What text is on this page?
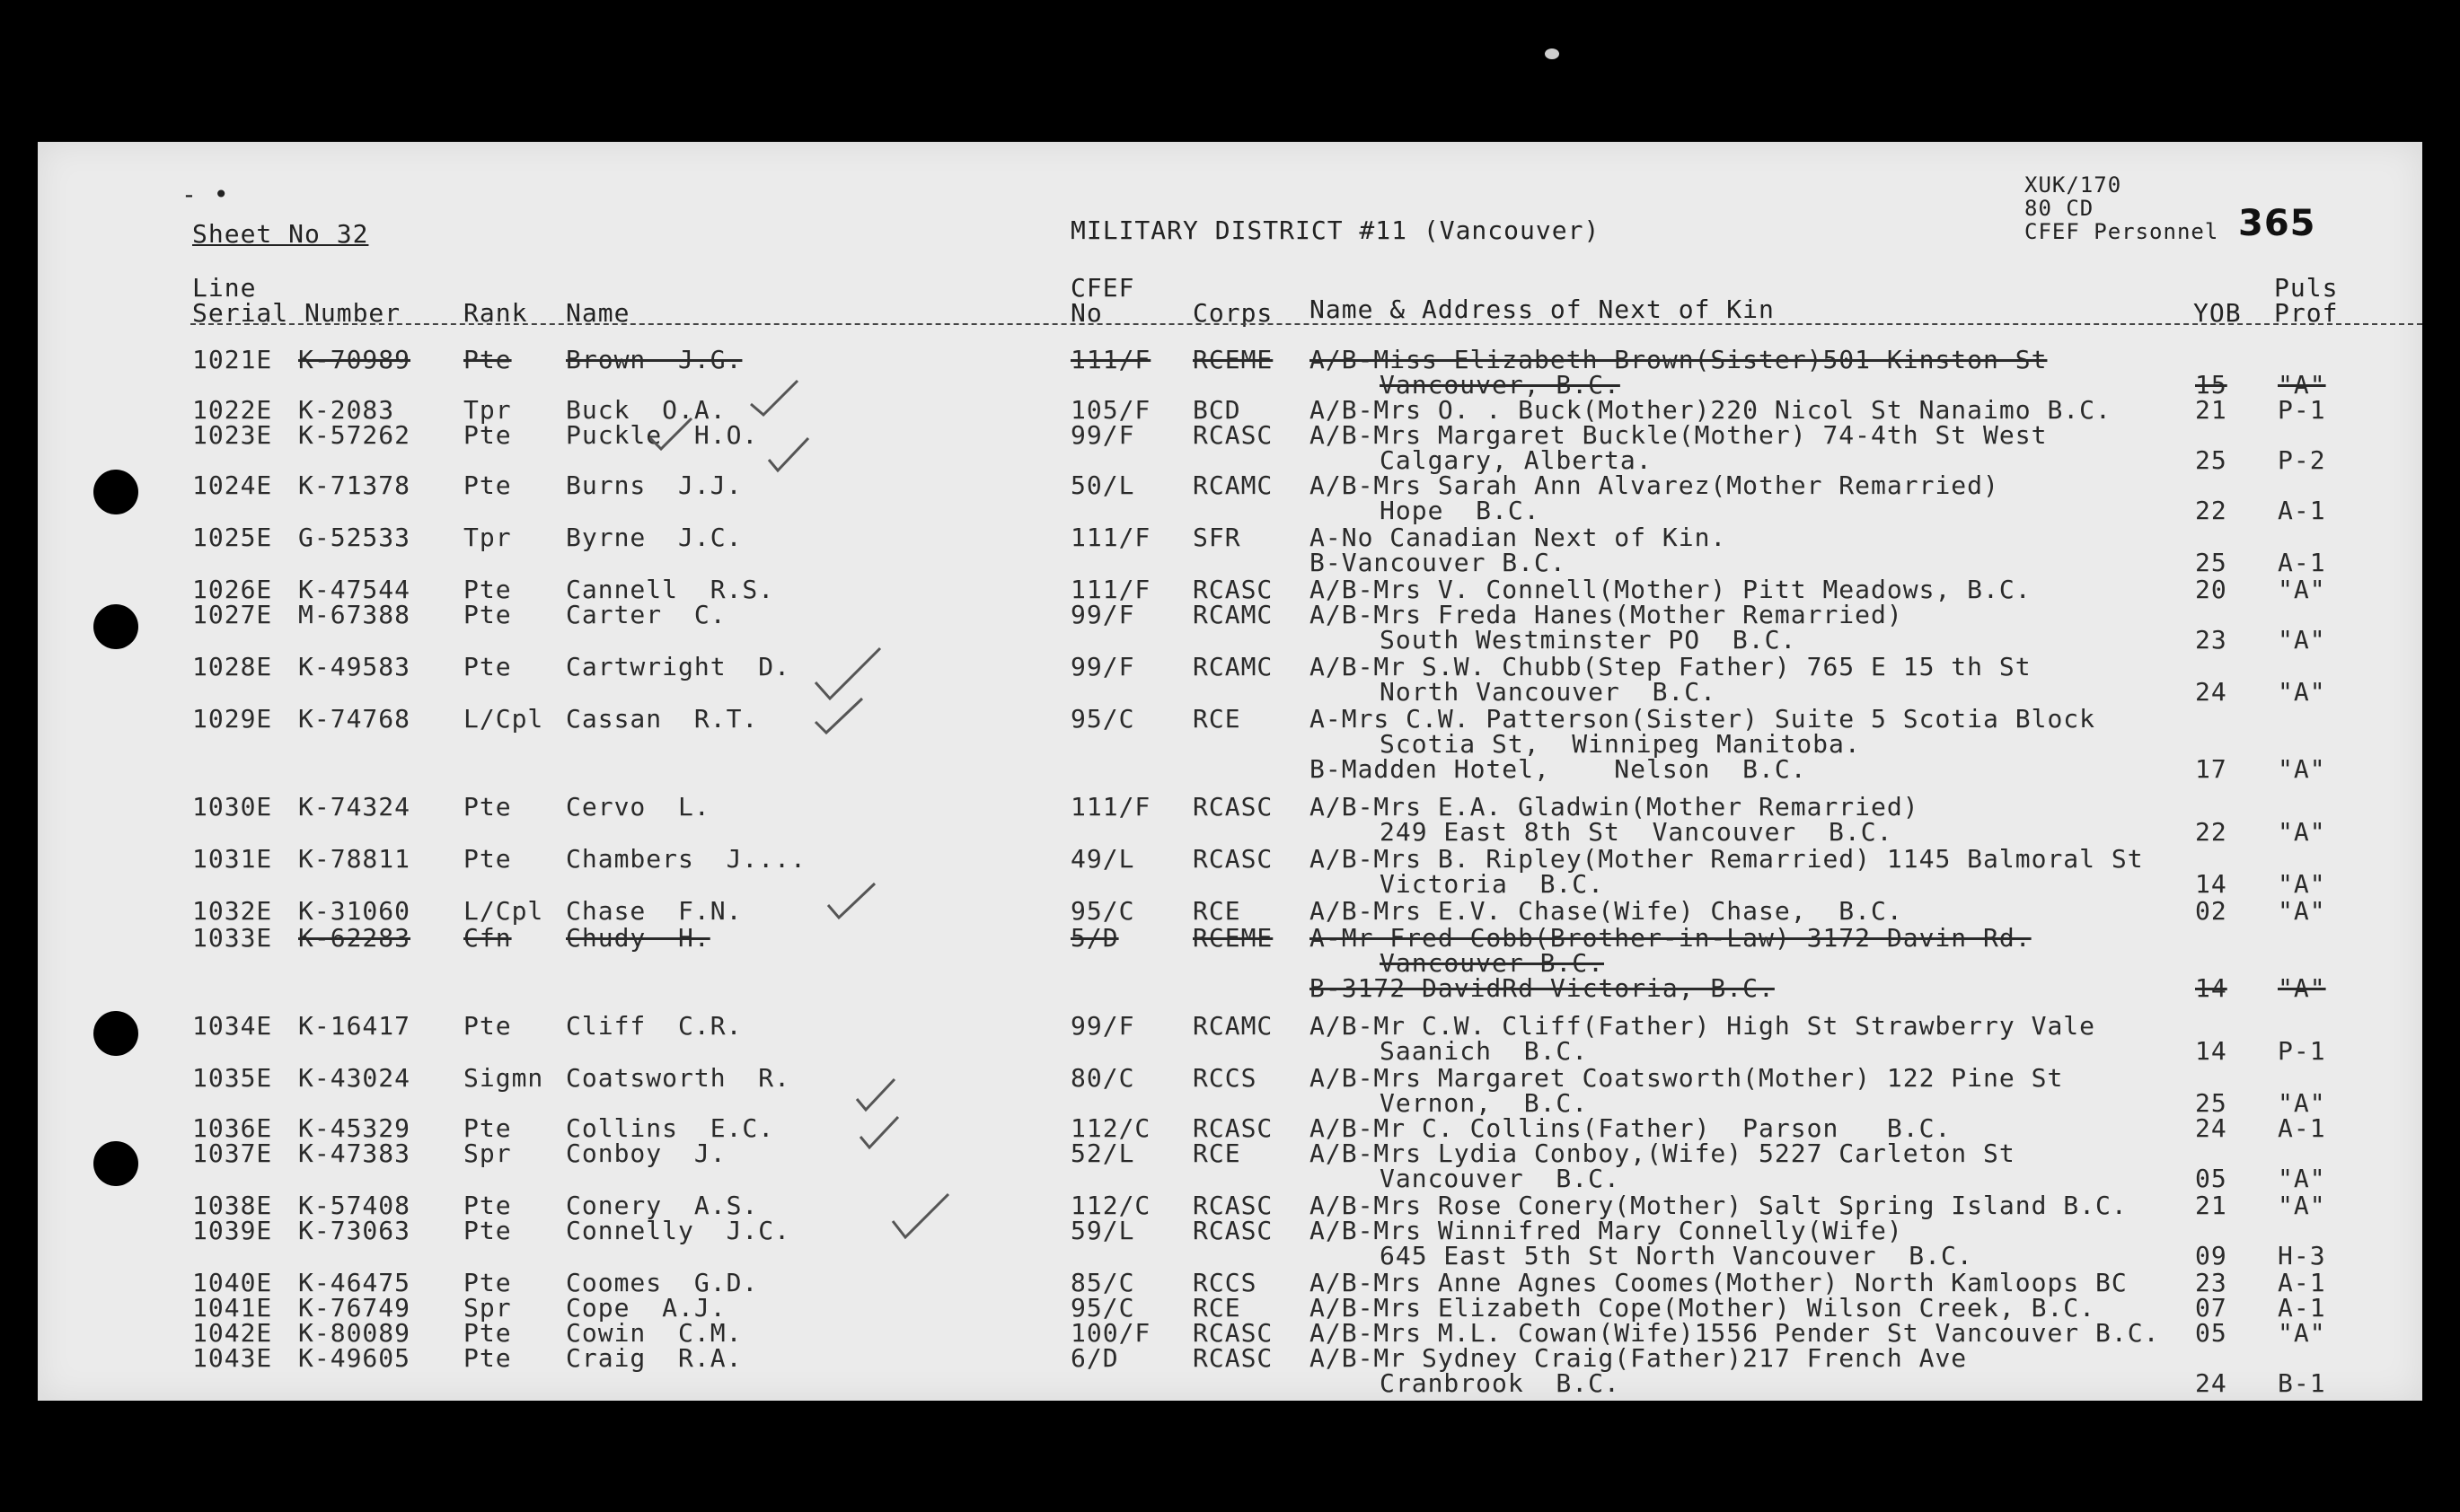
- •
Sheet No 32	MILITARY DISTRICT #11 (Vancouver)
XUK/170
80 CD
CFEF Personnel 365
Line
Serial Number Rank Name
CFEF
No	Corps Name & Address of Next of Kin	YOB
Puls
Prof
1021E K-70989 Pte Brown  J.G.	111/F RCEME A/B-Miss Elizabeth Brown(Sister)501 Kinston St
Vancouver, B.C.	15 "A"
1022E K-2083	Tpr Buck  O.A.	105/F BCD	A/B-Mrs O. . Buck(Mother)220 Nicol St Nanaimo B.C.	21 P-1
1023E K-57262 Pte Puckle  H.O.	99/F RCASC A/B-Mrs Margaret Buckle(Mother) 74-4th St West
Calgary, Alberta.	25 P-2
1024E K-71378 Pte Burns  J.J.	50/L RCAMC A/B-Mrs Sarah Ann Alvarez(Mother Remarried)
Hope  B.C.	22 A-1
1025E G-52533 Tpr Byrne  J.C.	111/F SFR	A-No Canadian Next of Kin.
B-Vancouver B.C.	25 A-1
1026E K-47544 Pte Cannell  R.S.	111/F RCASC A/B-Mrs V. Connell(Mother) Pitt Meadows, B.C.	20 "A"
1027E M-67388 Pte Carter  C.	99/F RCAMC A/B-Mrs Freda Hanes(Mother Remarried)
South Westminster PO  B.C.	23 "A"
1028E K-49583 Pte Cartwright  D.	99/F RCAMC A/B-Mr S.W. Chubb(Step Father) 765 E 15 th St
North Vancouver  B.C.	24 "A"
1029E K-74768 L/Cpl Cassan  R.T.	95/C RCE	A-Mrs C.W. Patterson(Sister) Suite 5 Scotia Block
Scotia St,  Winnipeg Manitoba.
B-Madden Hotel,    Nelson  B.C.	17 "A"
1030E K-74324 Pte Cervo  L.	111/F RCASC A/B-Mrs E.A. Gladwin(Mother Remarried)
249 East 8th St  Vancouver  B.C.	22 "A"
1031E K-78811 Pte Chambers  J....	49/L RCASC A/B-Mrs B. Ripley(Mother Remarried) 1145 Balmoral St
Victoria  B.C.	14 "A"
1032E K-31060 L/Cpl Chase  F.N.	95/C RCE	A/B-Mrs E.V. Chase(Wife) Chase,  B.C.	02 "A"
1033E K-62283 Cfn Chudy  H.	5/D	RCEME A-Mr Fred Cobb(Brother-in-Law) 3172 Davin Rd.
Vancouver B.C.
B-3172 DavidRd Victoria, B.C.	14 "A"
1034E K-16417 Pte Cliff  C.R.	99/F RCAMC A/B-Mr C.W. Cliff(Father) High St Strawberry Vale
Saanich  B.C.	14 P-1
1035E K-43024 Sigmn Coatsworth  R.	80/C RCCS A/B-Mrs Margaret Coatsworth(Mother) 122 Pine St
Vernon,  B.C.	25 "A"
1036E K-45329 Pte Collins  E.C.	112/C RCASC A/B-Mr C. Collins(Father)  Parson   B.C.	24 A-1
1037E K-47383 Spr Conboy  J.	52/L RCE	A/B-Mrs Lydia Conboy,(Wife) 5227 Carleton St
Vancouver  B.C.	05 "A"
1038E K-57408 Pte Conery  A.S.	112/C RCASC A/B-Mrs Rose Conery(Mother) Salt Spring Island B.C.	21 "A"
1039E K-73063 Pte Connelly  J.C.	59/L RCASC A/B-Mrs Winnifred Mary Connelly(Wife)
645 East 5th St North Vancouver  B.C.	09 H-3
1040E K-46475 Pte Coomes  G.D.	85/C RCCS A/B-Mrs Anne Agnes Coomes(Mother) North Kamloops BC	23 A-1
1041E K-76749 Spr Cope  A.J.	95/C RCE	A/B-Mrs Elizabeth Cope(Mother) Wilson Creek, B.C.	07 A-1
1042E K-80089 Pte Cowin  C.M.	100/F RCASC A/B-Mrs M.L. Cowan(Wife)1556 Pender St Vancouver B.C. 05 "A"
1043E K-49605 Pte Craig  R.A.	6/D	RCASC A/B-Mr Sydney Craig(Father)217 French Ave
Cranbrook  B.C.	24 B-1
